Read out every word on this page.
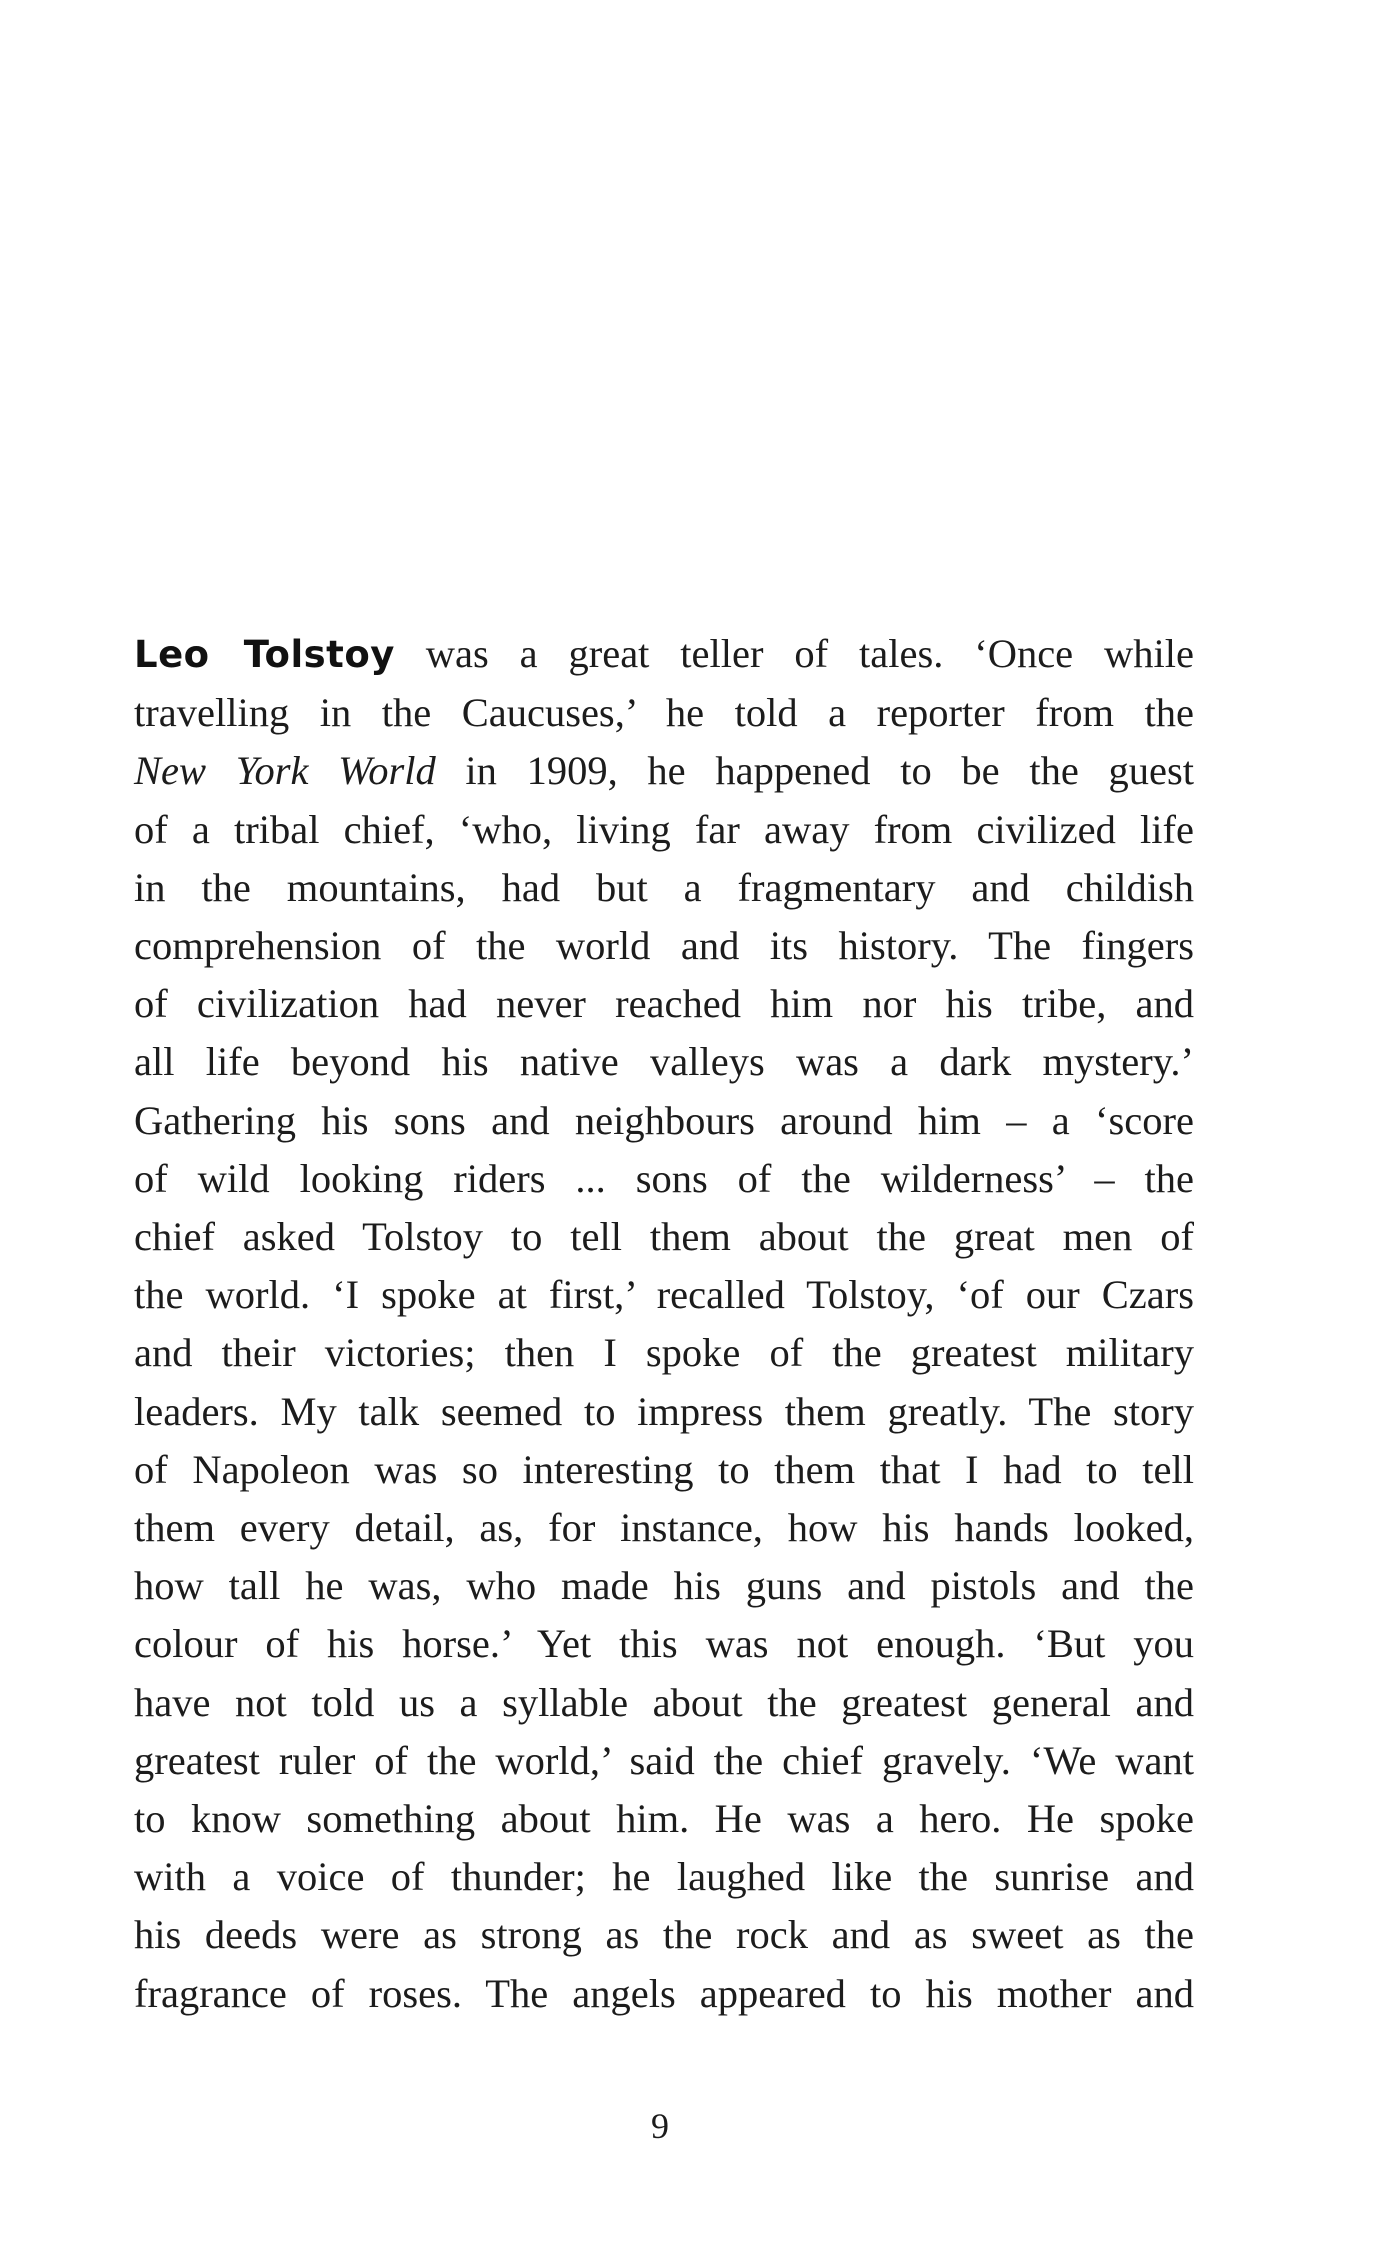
Leo Tolstoy was a great teller of tales. ‘Once while
travelling in the Caucuses,’ he told a reporter from the
New York World in 1909, he happened to be the guest
of a tribal chief, ‘who, living far away from civilized life
in the mountains, had but a fragmentary and childish
comprehension of the world and its history. The fingers
of civilization had never reached him nor his tribe, and
all life beyond his native valleys was a dark mystery.’
Gathering his sons and neighbours around him – a ‘score
of wild looking riders ... sons of the wilderness’ – the
chief asked Tolstoy to tell them about the great men of
the world. ‘I spoke at first,’ recalled Tolstoy, ‘of our Czars
and their victories; then I spoke of the greatest military
leaders. My talk seemed to impress them greatly. The story
of Napoleon was so interesting to them that I had to tell
them every detail, as, for instance, how his hands looked,
how tall he was, who made his guns and pistols and the
colour of his horse.’ Yet this was not enough. ‘But you
have not told us a syllable about the greatest general and
greatest ruler of the world,’ said the chief gravely. ‘We want
to know something about him. He was a hero. He spoke
with a voice of thunder; he laughed like the sunrise and
his deeds were as strong as the rock and as sweet as the
fragrance of roses. The angels appeared to his mother and
9
